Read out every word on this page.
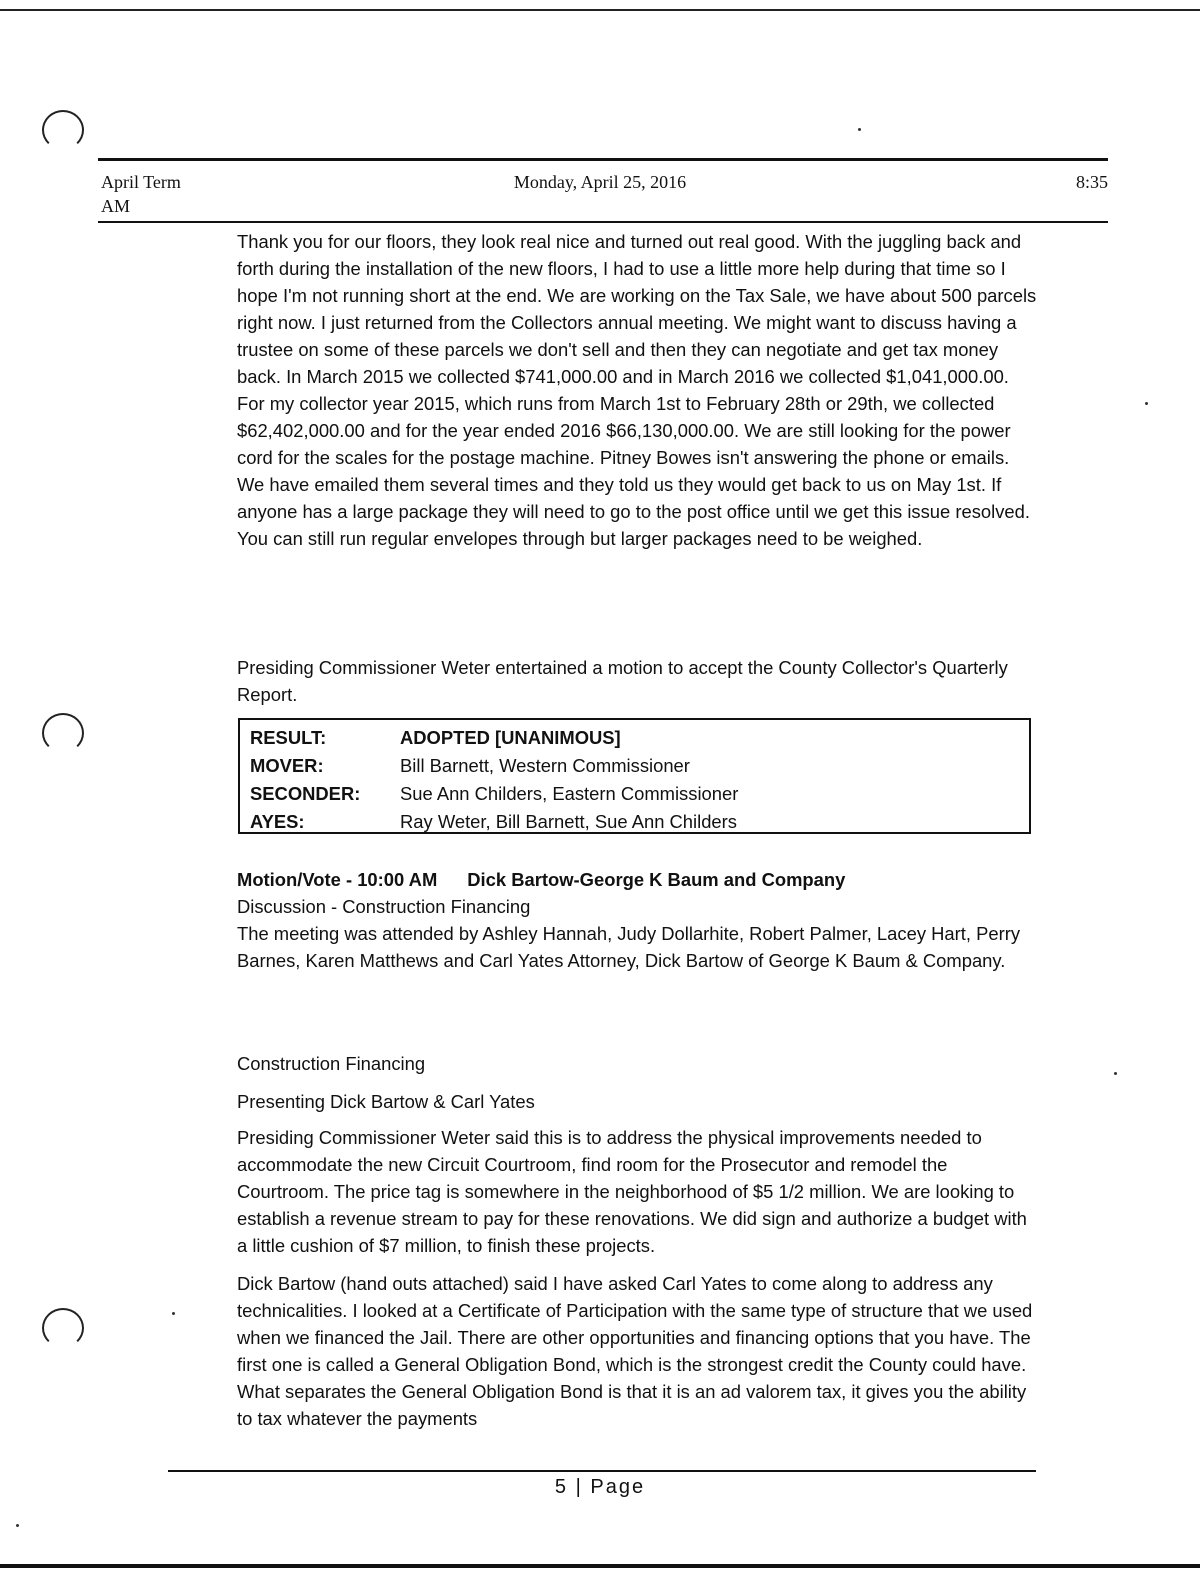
April Term
AM
Monday, April 25, 2016	8:35

Thank you for our floors, they look real nice and turned out real good. With the juggling back and forth during the installation of the new floors, I had to use a little more help during that time so I hope I'm not running short at the end. We are working on the Tax Sale, we have about 500 parcels right now. I just returned from the Collectors annual meeting. We might want to discuss having a trustee on some of these parcels we don't sell and then they can negotiate and get tax money back. In March 2015 we collected $741,000.00 and in March 2016 we collected $1,041,000.00. For my collector year 2015, which runs from March 1st to February 28th or 29th, we collected $62,402,000.00 and for the year ended 2016 $66,130,000.00. We are still looking for the power cord for the scales for the postage machine. Pitney Bowes isn't answering the phone or emails. We have emailed them several times and they told us they would get back to us on May 1st. If anyone has a large package they will need to go to the post office until we get this issue resolved. You can still run regular envelopes through but larger packages need to be weighed.

Presiding Commissioner Weter entertained a motion to accept the County Collector's Quarterly Report.

RESULT:	ADOPTED [UNANIMOUS]
MOVER:	Bill Barnett, Western Commissioner
SECONDER:	Sue Ann Childers, Eastern Commissioner
AYES:	Ray Weter, Bill Barnett, Sue Ann Childers
Motion/Vote - 10:00 AM Dick Bartow-George K Baum and Company

Discussion - Construction Financing

The meeting was attended by Ashley Hannah, Judy Dollarhite, Robert Palmer, Lacey Hart, Perry Barnes, Karen Matthews and Carl Yates Attorney, Dick Bartow of George K Baum & Company.

Construction Financing

Presenting Dick Bartow & Carl Yates

Presiding Commissioner Weter said this is to address the physical improvements needed to accommodate the new Circuit Courtroom, find room for the Prosecutor and remodel the Courtroom. The price tag is somewhere in the neighborhood of $5 1/2 million. We are looking to establish a revenue stream to pay for these renovations. We did sign and authorize a budget with a little cushion of $7 million, to finish these projects.

Dick Bartow (hand outs attached) said I have asked Carl Yates to come along to address any technicalities. I looked at a Certificate of Participation with the same type of structure that we used when we financed the Jail. There are other opportunities and financing options that you have. The first one is called a General Obligation Bond, which is the strongest credit the County could have. What separates the General Obligation Bond is that it is an ad valorem tax, it gives you the ability to tax whatever the payments

5 | Page
